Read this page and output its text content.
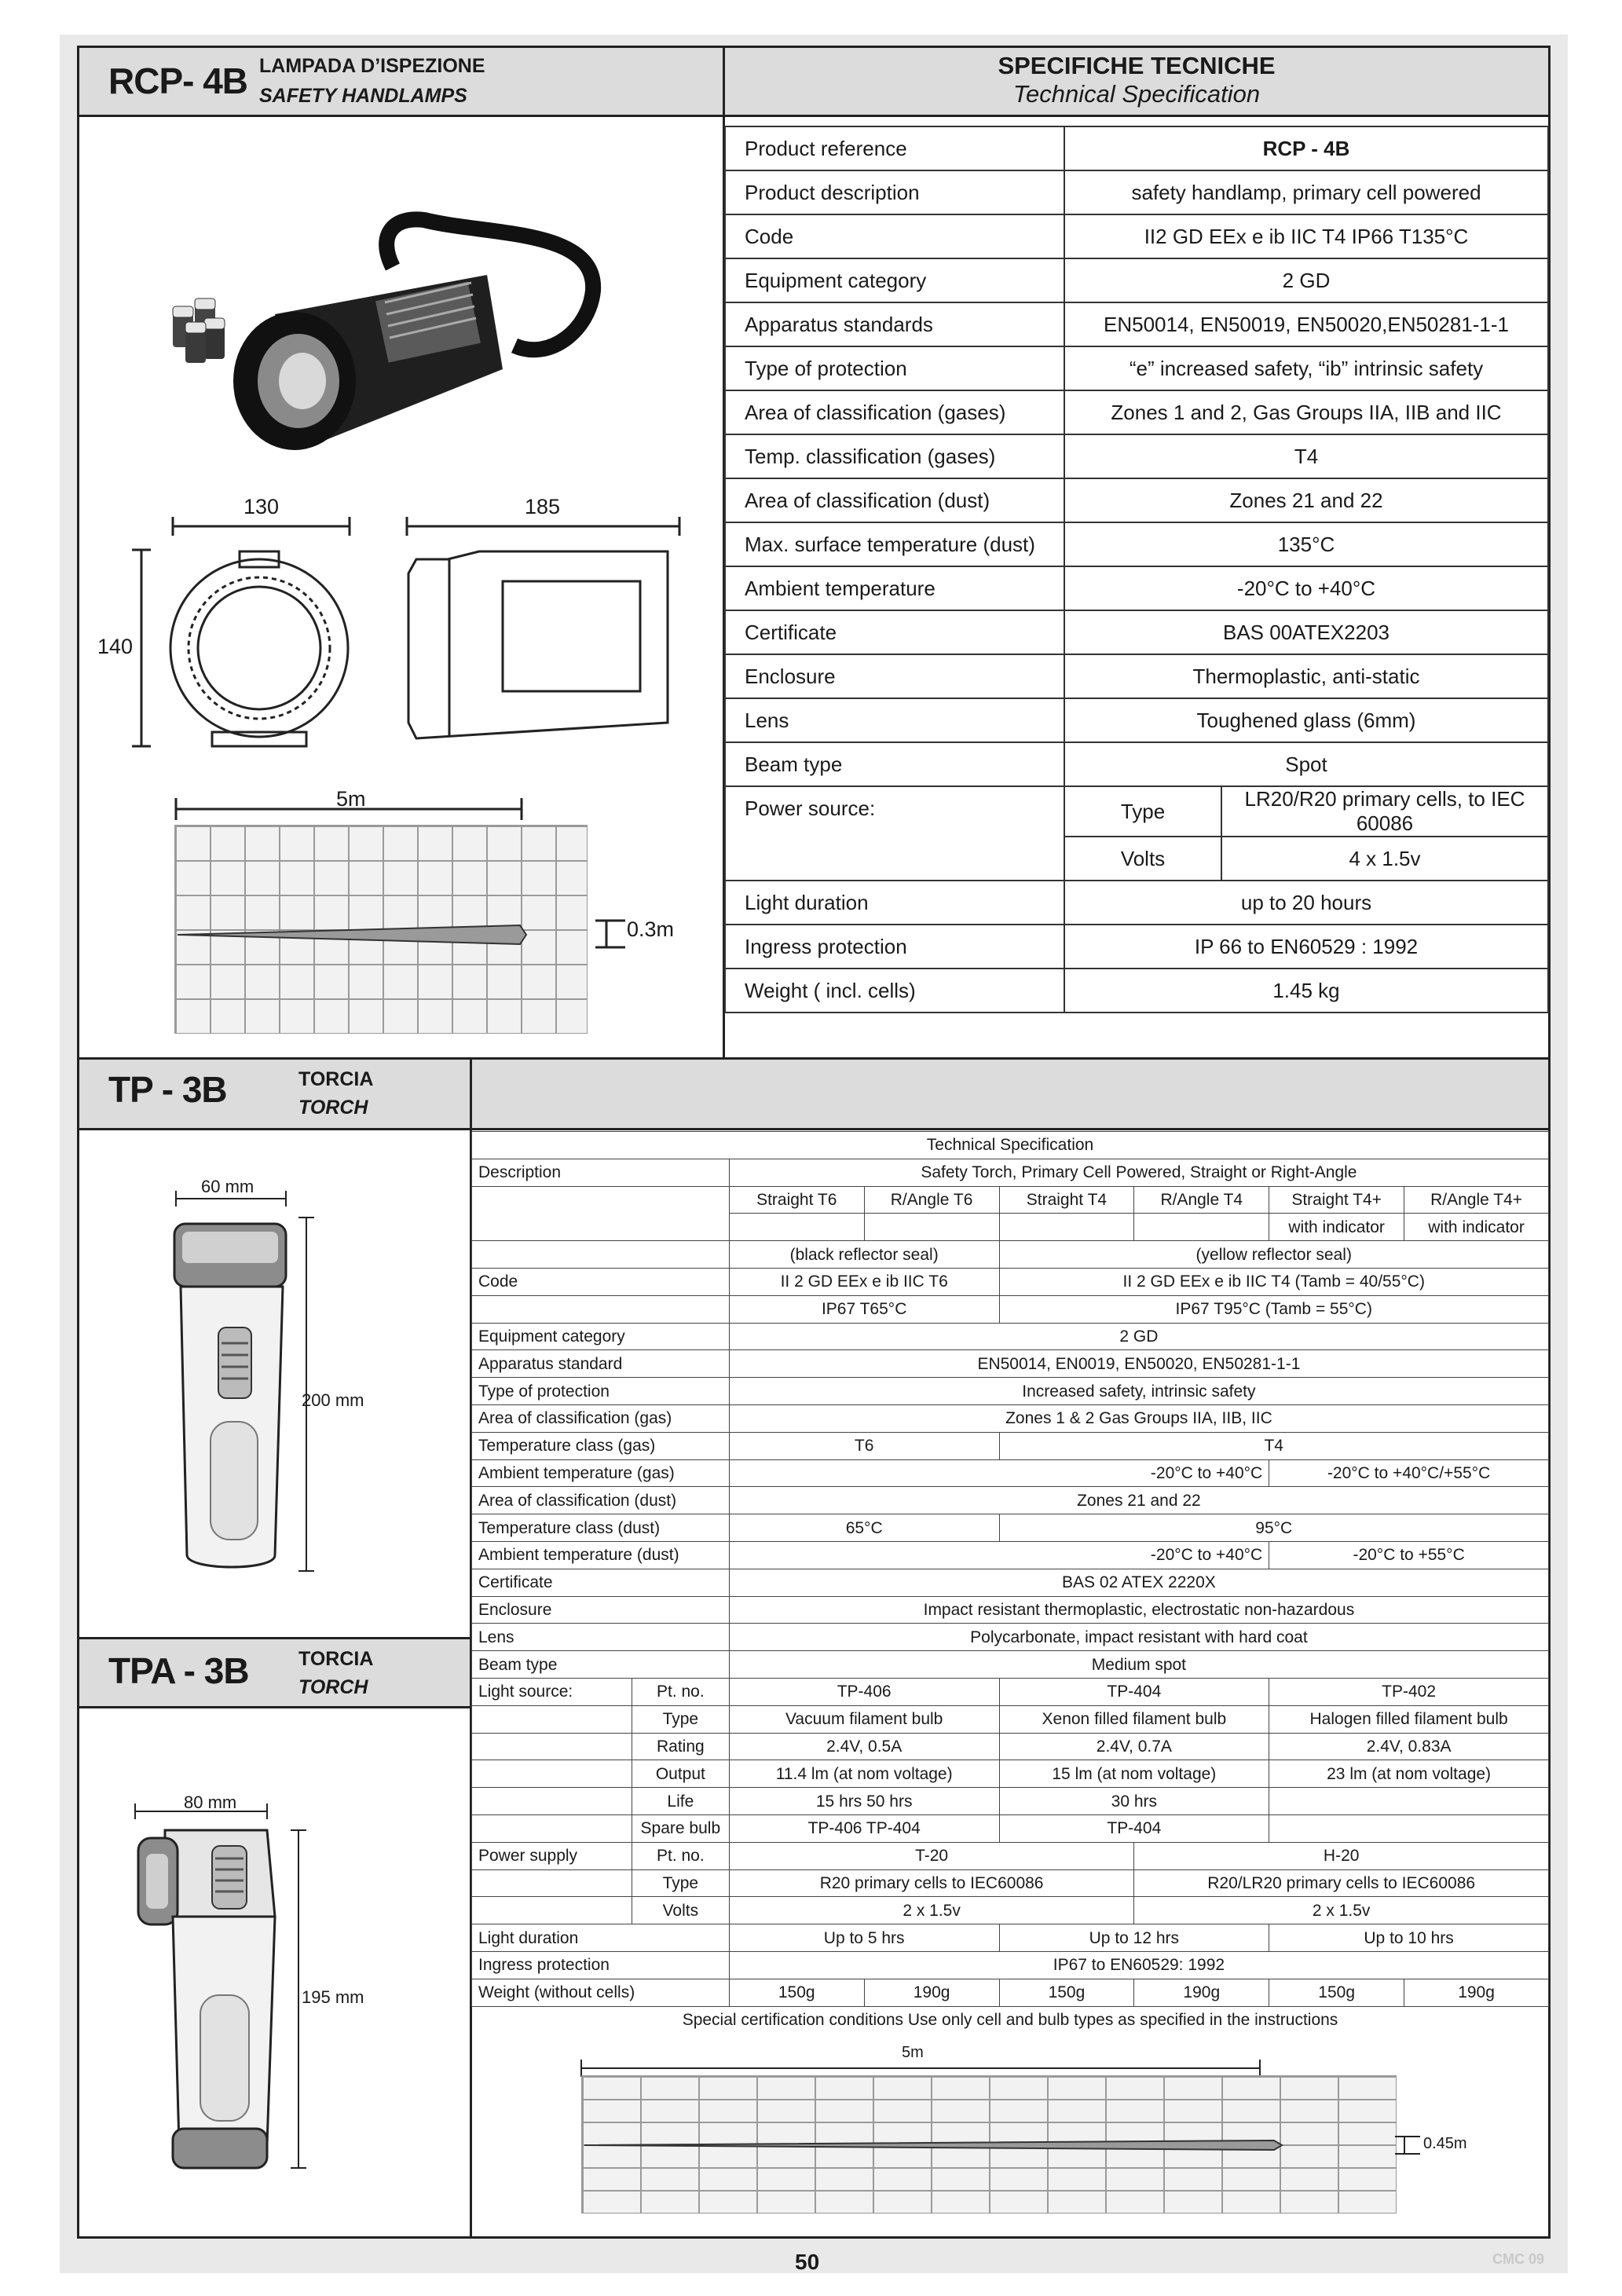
RCP- 4B LAMPADA D’ISPEZIONE
SAFETY HANDLAMPS
SPECIFICHE TECNICHE
Technical Specification
130	185
140
5m
0.3m
Product reference	RCP - 4B	
Product description	safety handlamp, primary cell powered	
Code	II2 GD EEx e ib IIC T4 IP66 T135°C	
Equipment category	2 GD	
Apparatus standards	EN50014, EN50019, EN50020,EN50281-1-1	
Type of protection	“e” increased safety, “ib” intrinsic safety	
Area of classification (gases)	Zones 1 and 2, Gas Groups IIA, IIB and IIC	
Temp. classification (gases)	T4	
Area of classification (dust)	Zones 21 and 22	
Max. surface temperature (dust)	135°C	
Ambient temperature	-20°C to +40°C	
Certificate	BAS 00ATEX2203	
Enclosure	Thermoplastic, anti-static	
Lens	Toughened glass (6mm)	
Beam type	Spot	
Power source:	Type	LR20/R20 primary cells, to IEC 60086
	Volts	4 x 1.5v
Light duration	up to 20 hours	
Ingress protection	IP 66 to EN60529 : 1992	
Weight ( incl. cells)	1.45 kg	
TP - 3B	TORCIA
TORCH
60 mm
200 mm
TPA - 3B	TORCIA
TORCH
80 mm
195 mm
Technical Specification							
Description		Safety Torch, Primary Cell Powered, Straight or Right-Angle					
		Straight T6	R/Angle T6	Straight T4	R/Angle T4	Straight T4+	R/Angle T4+
						with indicator	with indicator
		(black reflector seal)		(yellow reflector seal)			
Code		II 2 GD EEx e ib IIC T6		II 2 GD EEx e ib IIC T4 (Tamb = 40/55°C)			
		IP67 T65°C		IP67 T95°C (Tamb = 55°C)			
Equipment category		2 GD					
Apparatus standard		EN50014, EN0019, EN50020, EN50281-1-1					
Type of protection		Increased safety, intrinsic safety					
Area of classification (gas)		Zones 1 & 2 Gas Groups IIA, IIB, IIC					
Temperature class (gas)		T6		T4			
Ambient temperature (gas)		-20°C to +40°C				-20°C to +40°C/+55°C	
Area of classification (dust)		Zones 21 and 22					
Temperature class (dust)		65°C		95°C			
Ambient temperature (dust)		-20°C to +40°C				-20°C to +55°C	
Certificate		BAS 02 ATEX 2220X					
Enclosure		Impact resistant thermoplastic, electrostatic non-hazardous					
Lens		Polycarbonate, impact resistant with hard coat					
Beam type		Medium spot					
Light source:	Pt. no.	TP-406		TP-404		TP-402	
	Type	Vacuum filament bulb		Xenon filled filament bulb		Halogen filled filament bulb	
	Rating	2.4V, 0.5A		2.4V, 0.7A		2.4V, 0.83A	
	Output	11.4 lm (at nom voltage)		15 lm (at nom voltage)		23 lm (at nom voltage)	
	Life	15 hrs 50 hrs		30 hrs			
	Spare bulb	TP-406 TP-404		TP-404			
Power supply	Pt. no.	T-20			H-20		
	Type	R20 primary cells to IEC60086			R20/LR20 primary cells to IEC60086		
	Volts	2 x 1.5v			2 x 1.5v		
Light duration		Up to 5 hrs		Up to 12 hrs		Up to 10 hrs	
Ingress protection		IP67 to EN60529: 1992					
Weight (without cells)		150g	190g	150g	190g	150g	190g
Special certification conditions Use only cell and bulb types as specified in the instructions							
5m
0.45m
50	CMC 09
